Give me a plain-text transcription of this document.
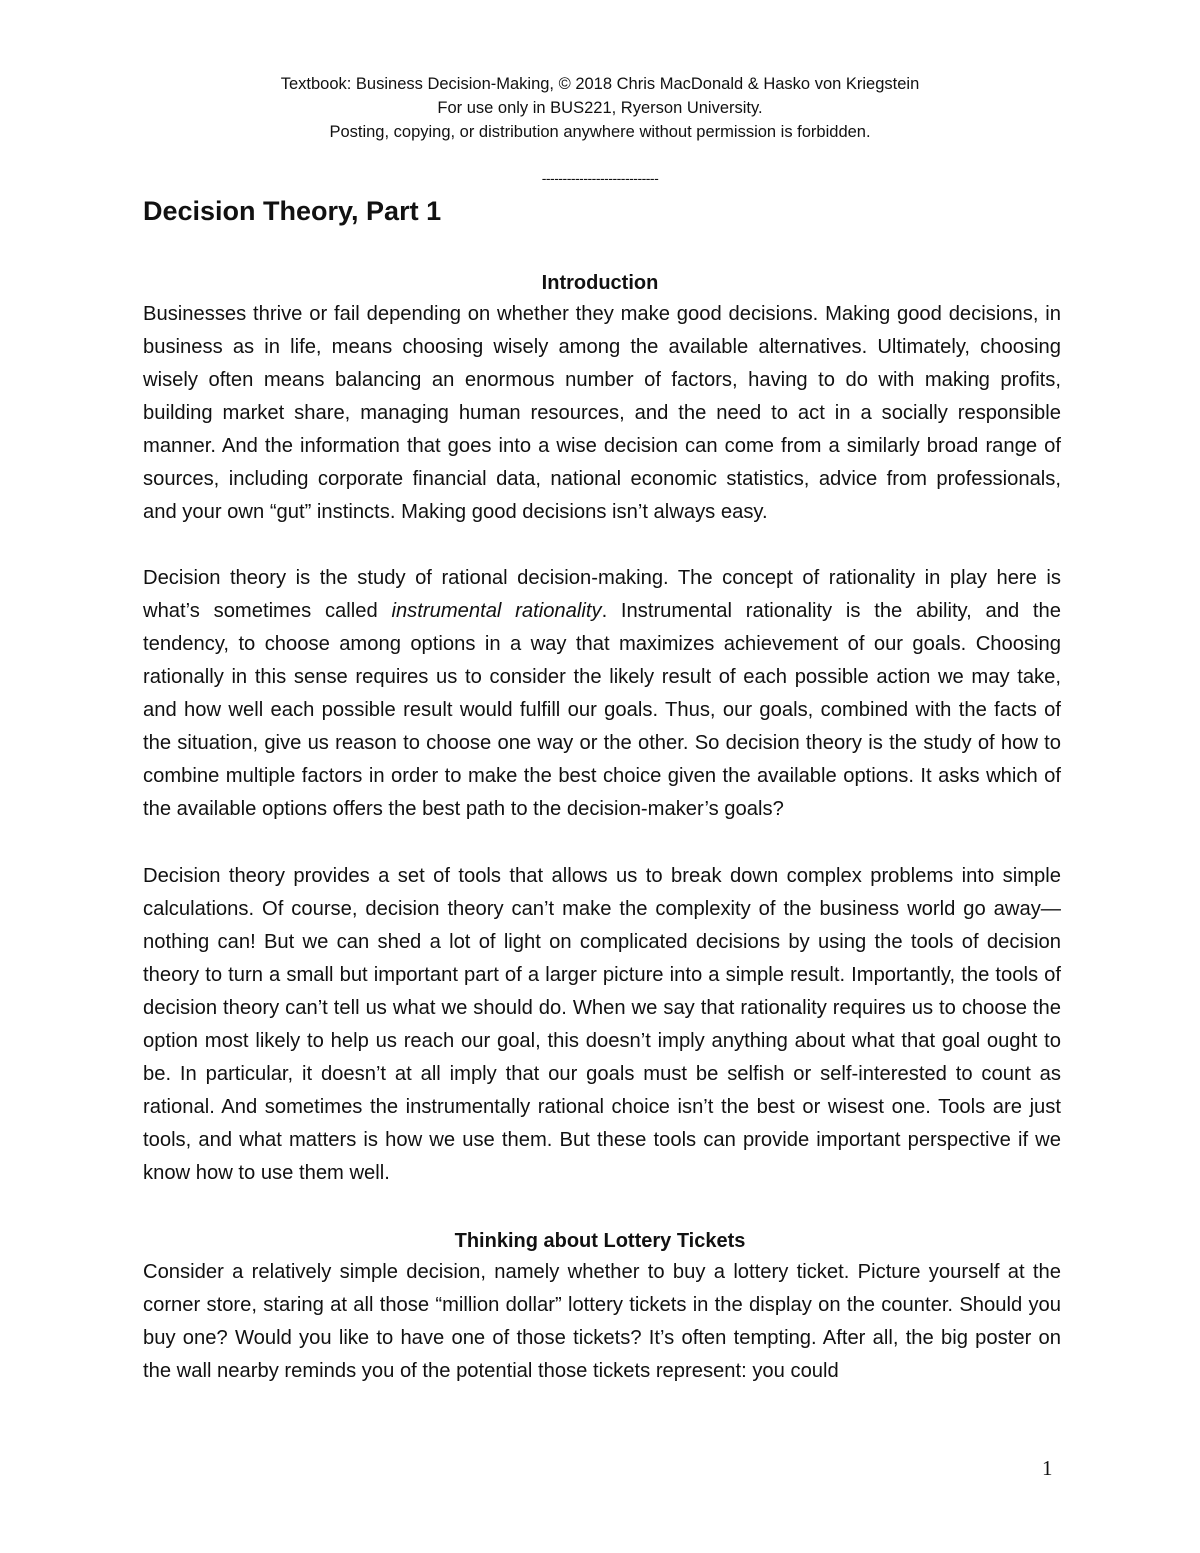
Textbook: Business Decision-Making, © 2018 Chris MacDonald & Hasko von Kriegstein
For use only in BUS221, Ryerson University.
Posting, copying, or distribution anywhere without permission is forbidden.
----------------------------
Decision Theory, Part 1
Introduction

Businesses thrive or fail depending on whether they make good decisions. Making good decisions, in business as in life, means choosing wisely among the available alternatives. Ultimately, choosing wisely often means balancing an enormous number of factors, having to do with making profits, building market share, managing human resources, and the need to act in a socially responsible manner. And the information that goes into a wise decision can come from a similarly broad range of sources, including corporate financial data, national economic statistics, advice from professionals, and your own “gut” instincts. Making good decisions isn’t always easy.

Decision theory is the study of rational decision-making. The concept of rationality in play here is what’s sometimes called instrumental rationality. Instrumental rationality is the ability, and the tendency, to choose among options in a way that maximizes achievement of our goals. Choosing rationally in this sense requires us to consider the likely result of each possible action we may take, and how well each possible result would fulfill our goals. Thus, our goals, combined with the facts of the situation, give us reason to choose one way or the other. So decision theory is the study of how to combine multiple factors in order to make the best choice given the available options. It asks which of the available options offers the best path to the decision-maker’s goals?

Decision theory provides a set of tools that allows us to break down complex problems into simple calculations. Of course, decision theory can’t make the complexity of the business world go away—nothing can! But we can shed a lot of light on complicated decisions by using the tools of decision theory to turn a small but important part of a larger picture into a simple result. Importantly, the tools of decision theory can’t tell us what we should do. When we say that rationality requires us to choose the option most likely to help us reach our goal, this doesn’t imply anything about what that goal ought to be. In particular, it doesn’t at all imply that our goals must be selfish or self-interested to count as rational. And sometimes the instrumentally rational choice isn’t the best or wisest one. Tools are just tools, and what matters is how we use them. But these tools can provide important perspective if we know how to use them well.

Thinking about Lottery Tickets

Consider a relatively simple decision, namely whether to buy a lottery ticket. Picture yourself at the corner store, staring at all those “million dollar” lottery tickets in the display on the counter. Should you buy one? Would you like to have one of those tickets? It’s often tempting. After all, the big poster on the wall nearby reminds you of the potential those tickets represent: you could

1
